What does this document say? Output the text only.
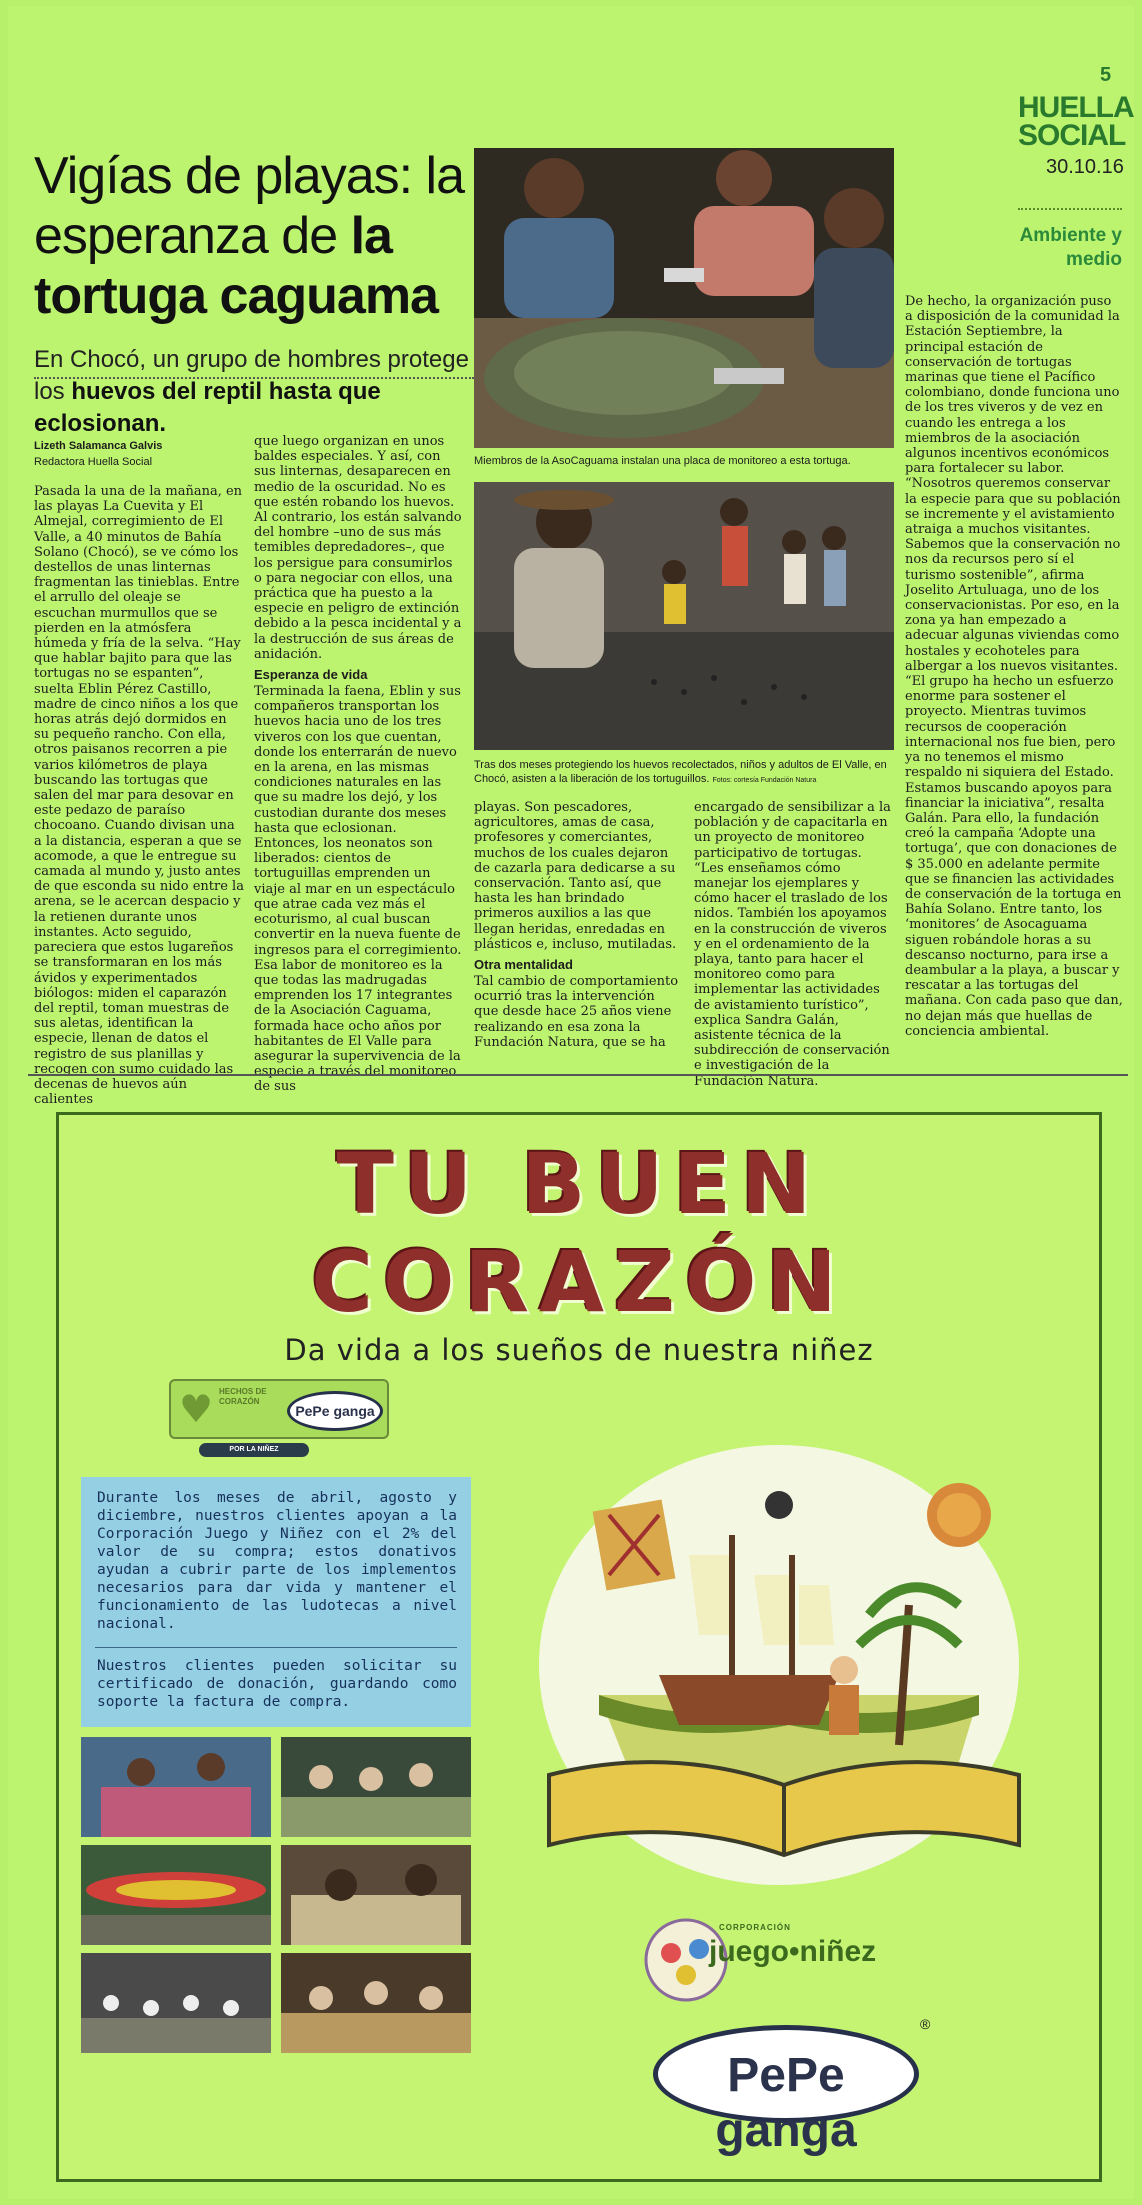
5
HUELLA
SOCIAL
30.10.16
Ambiente y medio
Vigías de playas: la esperanza de la tortuga caguama
En Chocó, un grupo de hombres protege los huevos del reptil hasta que eclosionan.
Miembros de la AsoCaguama instalan una placa de monitoreo a esta tortuga.
Tras dos meses protegiendo los huevos recolectados, niños y adultos de El Valle, en Chocó, asisten a la liberación de los tortuguillos. Fotos: cortesía Fundación Natura
Lizeth Salamanca Galvis
Redactora Huella Social

Pasada la una de la mañana, en las playas La Cuevita y El Almejal, corregimiento de El Valle, a 40 minutos de Bahía Solano (Chocó), se ve cómo los destellos de unas linternas fragmentan las tinieblas. Entre el arrullo del oleaje se escuchan murmullos que se pierden en la atmósfera húmeda y fría de la selva. “Hay que hablar bajito para que las tortugas no se espanten”, suelta Eblin Pérez Castillo, madre de cinco niños a los que horas atrás dejó dormidos en su pequeño rancho. Con ella, otros paisanos recorren a pie varios kilómetros de playa buscando las tortugas que salen del mar para desovar en este pedazo de paraíso chocoano. Cuando divisan una a la distancia, esperan a que se acomode, a que le entregue su camada al mundo y, justo antes de que esconda su nido entre la arena, se le acercan despacio y la retienen durante unos instantes. Acto seguido, pareciera que estos lugareños se transformaran en los más ávidos y experimentados biólogos: miden el caparazón del reptil, toman muestras de sus aletas, identifican la especie, llenan de datos el registro de sus planillas y recogen con sumo cuidado las decenas de huevos aún calientes

que luego organizan en unos baldes especiales. Y así, con sus linternas, desaparecen en medio de la oscuridad. No es que estén robando los huevos. Al contrario, los están salvando del hombre –uno de sus más temibles depredadores–, que los persigue para consumirlos o para negociar con ellos, una práctica que ha puesto a la especie en peligro de extinción debido a la pesca incidental y a la destrucción de sus áreas de anidación.

Esperanza de vida

Terminada la faena, Eblin y sus compañeros transportan los huevos hacia uno de los tres viveros con los que cuentan, donde los enterrarán de nuevo en la arena, en las mismas condiciones naturales en las que su madre los dejó, y los custodian durante dos meses hasta que eclosionan. Entonces, los neonatos son liberados: cientos de tortuguillas emprenden un viaje al mar en un espectáculo que atrae cada vez más el ecoturismo, al cual buscan convertir en la nueva fuente de ingresos para el corregimiento. Esa labor de monitoreo es la que todas las madrugadas emprenden los 17 integrantes de la Asociación Caguama, formada hace ocho años por habitantes de El Valle para asegurar la supervivencia de la especie a través del monitoreo de sus

playas. Son pescadores, agricultores, amas de casa, profesores y comerciantes, muchos de los cuales dejaron de cazarla para dedicarse a su conservación. Tanto así, que hasta les han brindado primeros auxilios a las que llegan heridas, enredadas en plásticos e, incluso, mutiladas.

Otra mentalidad

Tal cambio de comportamiento ocurrió tras la intervención que desde hace 25 años viene realizando en esa zona la Fundación Natura, que se ha

encargado de sensibilizar a la población y de capacitarla en un proyecto de monitoreo participativo de tortugas. “Les enseñamos cómo manejar los ejemplares y cómo hacer el traslado de los nidos. También los apoyamos en la construcción de viveros y en el ordenamiento de la playa, tanto para hacer el monitoreo como para implementar las actividades de avistamiento turístico”, explica Sandra Galán, asistente técnica de la subdirección de conservación e investigación de la Fundación Natura.

De hecho, la organización puso a disposición de la comunidad la Estación Septiembre, la principal estación de conservación de tortugas marinas que tiene el Pacífico colombiano, donde funciona uno de los tres viveros y de vez en cuando les entrega a los miembros de la asociación algunos incentivos económicos para fortalecer su labor. “Nosotros queremos conservar la especie para que su población se incremente y el avistamiento atraiga a muchos visitantes. Sabemos que la conservación no nos da recursos pero sí el turismo sostenible”, afirma Joselito Artuluaga, uno de los conservacionistas. Por eso, en la zona ya han empezado a adecuar algunas viviendas como hostales y ecohoteles para albergar a los nuevos visitantes. “El grupo ha hecho un esfuerzo enorme para sostener el proyecto. Mientras tuvimos recursos de cooperación internacional nos fue bien, pero ya no tenemos el mismo respaldo ni siquiera del Estado. Estamos buscando apoyos para financiar la iniciativa”, resalta Galán. Para ello, la fundación creó la campaña ‘Adopte una tortuga’, que con donaciones de $ 35.000 en adelante permite que se financien las actividades de conservación de la tortuga en Bahía Solano. Entre tanto, los ‘monitores’ de Asocaguama siguen robándole horas a su descanso nocturno, para irse a deambular a la playa, a buscar y rescatar a las tortugas del mañana. Con cada paso que dan, no dejan más que huellas de conciencia ambiental.

TU BUEN
CORAZÓN
Da vida a los sueños de nuestra niñez
♥ HECHOS DE CORAZÓN
PePe ganga
POR LA NIÑEZ

Durante los meses de abril, agosto y diciembre, nuestros clientes apoyan a la Corporación Juego y Niñez con el 2% del valor de su compra; estos donativos ayudan a cubrir parte de los implementos necesarios para dar vida y mantener el funcionamiento de las ludotecas a nivel nacional.

Nuestros clientes pueden solicitar su certificado de donación, guardando como soporte la factura de compra.

CORPORACIÓN
juego•niñez
PePe ganga
®
